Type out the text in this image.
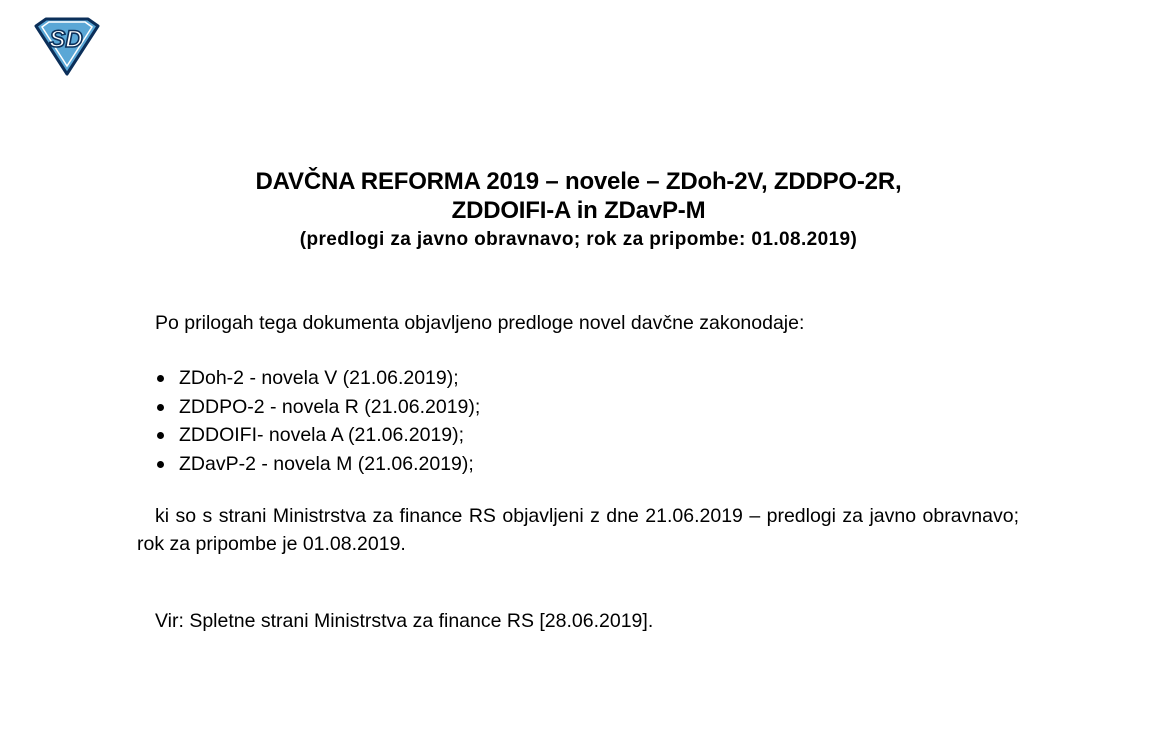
SD

DAVČNA REFORMA 2019 – novele – ZDoh-2V, ZDDPO-2R,

ZDDOIFI-A in ZDavP-M

(predlogi za javno obravnavo; rok za pripombe: 01.08.2019)

Po prilogah tega dokumenta objavljeno predloge novel davčne zakonodaje:

ZDoh-2 - novela V (21.06.2019);
ZDDPO-2 - novela R (21.06.2019);
ZDDOIFI- novela A (21.06.2019);
ZDavP-2 - novela M (21.06.2019);

ki so s strani Ministrstva za finance RS objavljeni z dne 21.06.2019 – predlogi za javno obravnavo; rok za pripombe je 01.08.2019.

Vir: Spletne strani Ministrstva za finance RS [28.06.2019].
